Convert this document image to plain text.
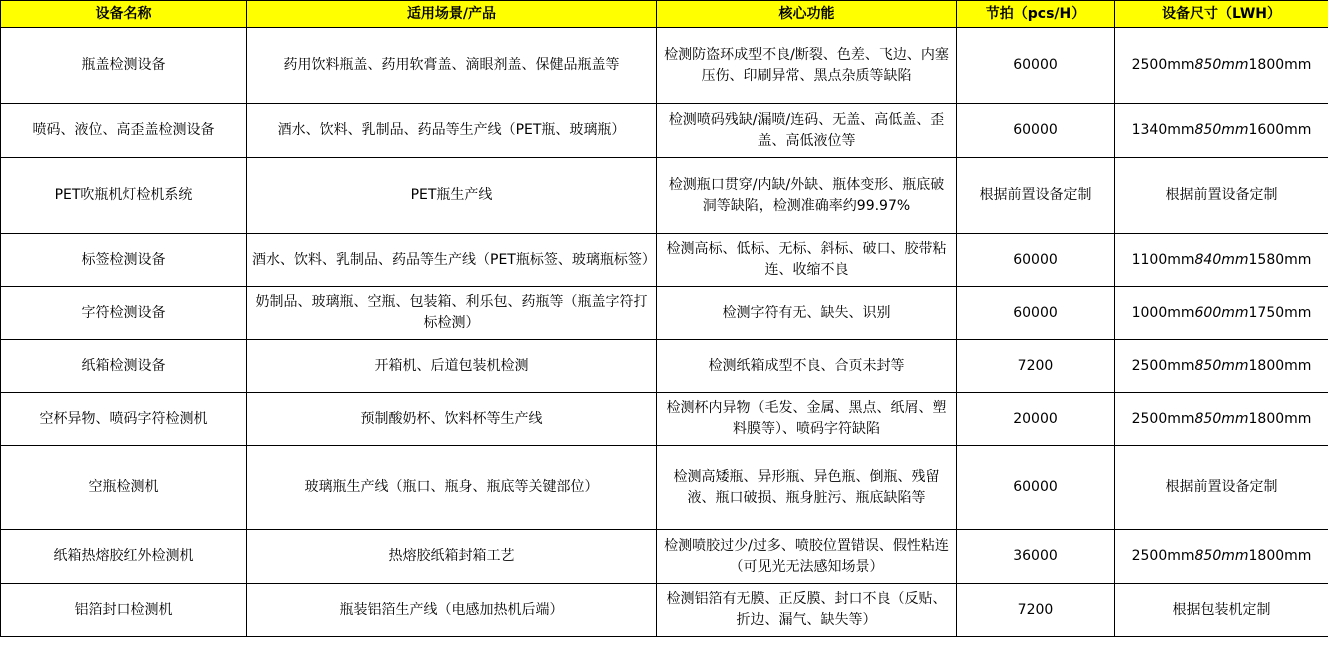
设备名称	适用场景/产品	核心功能	节拍（pcs/H）	设备尺寸（LWH）
瓶盖检测设备	药用饮料瓶盖、药用软膏盖、滴眼剂盖、保健品瓶盖等	检测防盗环成型不良/断裂、色差、飞边、内塞压伤、印刷异常、黑点杂质等缺陷	60000	2500mm850mm1800mm
喷码、液位、高歪盖检测设备	酒水、饮料、乳制品、药品等生产线（PET瓶、玻璃瓶）	检测喷码残缺/漏喷/连码、无盖、高低盖、歪盖、高低液位等	60000	1340mm850mm1600mm
PET吹瓶机灯检机系统	PET瓶生产线	检测瓶口贯穿/内缺/外缺、瓶体变形、瓶底破洞等缺陷，检测准确率约99.97%	根据前置设备定制	根据前置设备定制
标签检测设备	酒水、饮料、乳制品、药品等生产线（PET瓶标签、玻璃瓶标签）	检测高标、低标、无标、斜标、破口、胶带粘连、收缩不良	60000	1100mm840mm1580mm
字符检测设备	奶制品、玻璃瓶、空瓶、包装箱、利乐包、药瓶等（瓶盖字符打标检测）	检测字符有无、缺失、识别	60000	1000mm600mm1750mm
纸箱检测设备	开箱机、后道包装机检测	检测纸箱成型不良、合页未封等	7200	2500mm850mm1800mm
空杯异物、喷码字符检测机	预制酸奶杯、饮料杯等生产线	检测杯内异物（毛发、金属、黑点、纸屑、塑料膜等）、喷码字符缺陷	20000	2500mm850mm1800mm
空瓶检测机	玻璃瓶生产线（瓶口、瓶身、瓶底等关键部位）	检测高矮瓶、异形瓶、异色瓶、倒瓶、残留液、瓶口破损、瓶身脏污、瓶底缺陷等	60000	根据前置设备定制
纸箱热熔胶红外检测机	热熔胶纸箱封箱工艺	检测喷胶过少/过多、喷胶位置错误、假性粘连（可见光无法感知场景）	36000	2500mm850mm1800mm
铝箔封口检测机	瓶装铝箔生产线（电感加热机后端）	检测铝箔有无膜、正反膜、封口不良（反贴、折边、漏气、缺失等）	7200	根据包装机定制
